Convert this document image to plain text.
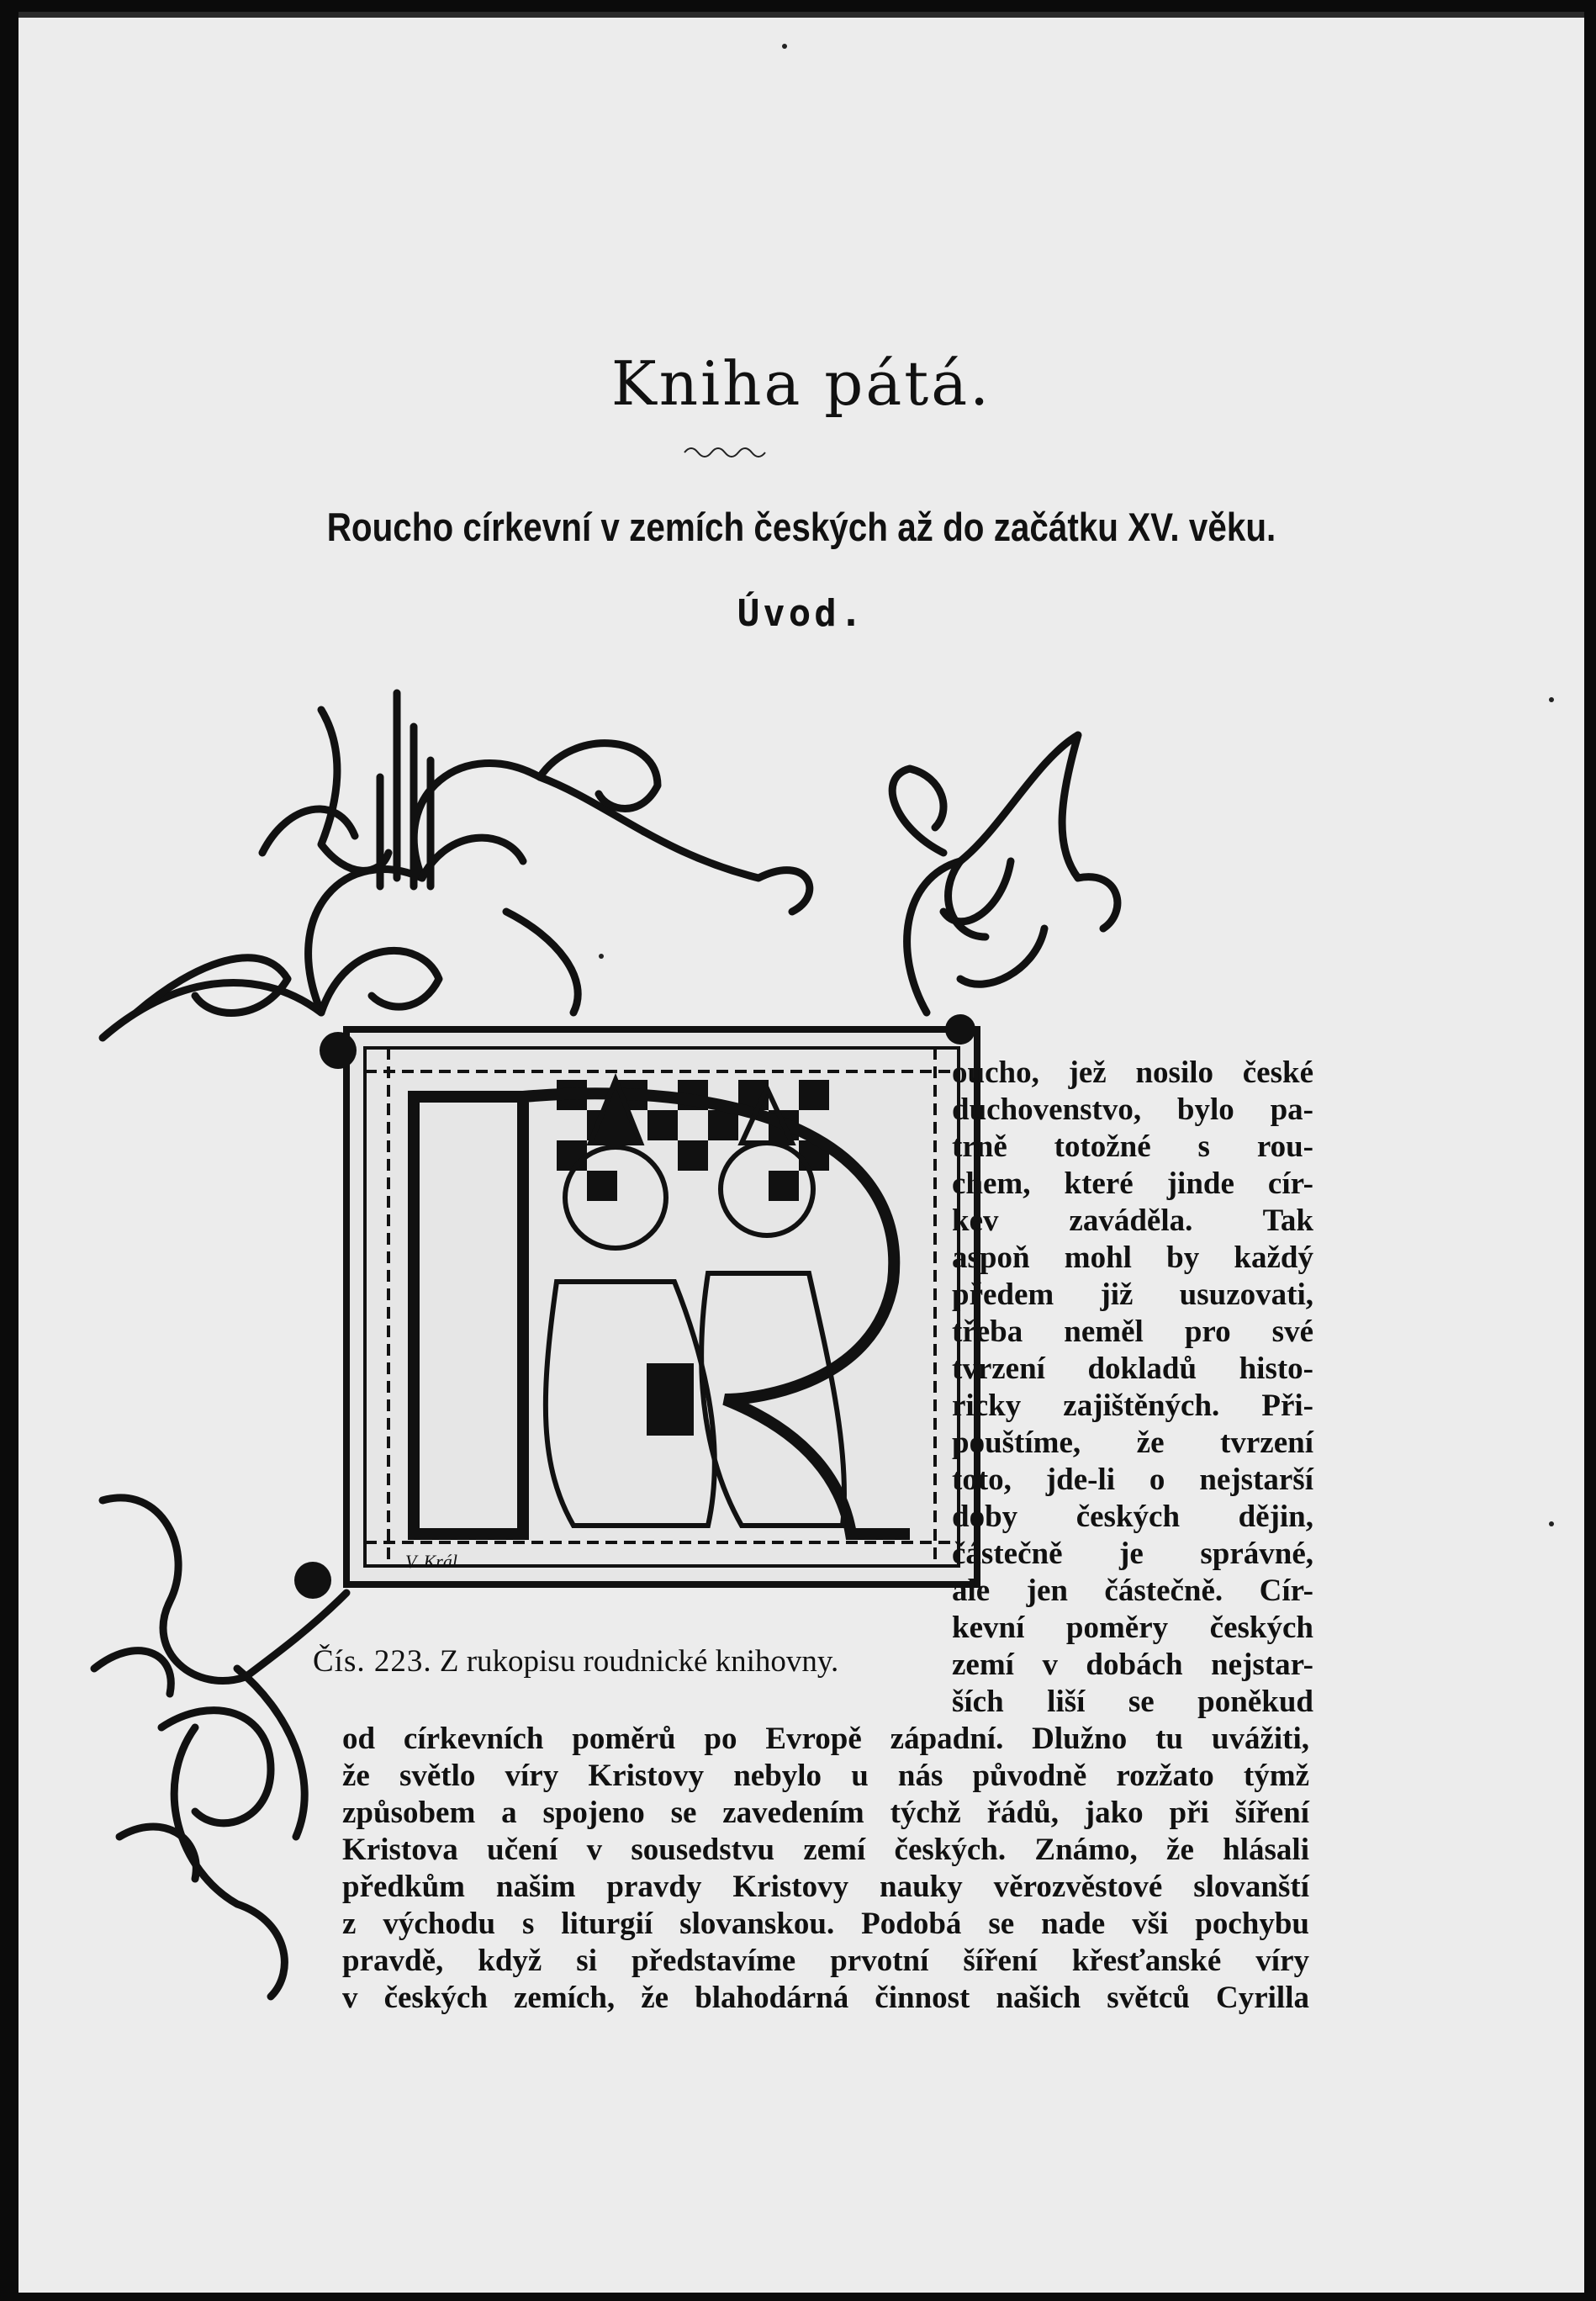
Kniha pátá.
Roucho církevní v zemích českých až do začátku XV. věku.
Úvod.
V. Král
Čís. 223. Z rukopisu roudnické knihovny.
oucho, jež nosilo české
duchovenstvo, bylo pa-
trně totožné s rou-
chem, které jinde cír-
kev zaváděla. Tak
aspoň mohl by každý
předem již usuzovati,
třeba neměl pro své
tvrzení dokladů histo-
ricky zajištěných. Při-
pouštíme, že tvrzení
toto, jde-li o nejstarší
doby českých dějin,
částečně je správné,
ale jen částečně. Cír-
kevní poměry českých
zemí v dobách nejstar-
ších liší se poněkud
od církevních poměrů po Evropě západní. Dlužno tu uvážiti,
že světlo víry Kristovy nebylo u nás původně rozžato týmž
způsobem a spojeno se zavedením týchž řádů, jako při šíření
Kristova učení v sousedstvu zemí českých. Známo, že hlásali
předkům našim pravdy Kristovy nauky věrozvěstové slovanští
z východu s liturgií slovanskou. Podobá se nade vši pochybu
pravdě, když si představíme prvotní šíření křesťanské víry
v českých zemích, že blahodárná činnost našich světců Cyrilla
